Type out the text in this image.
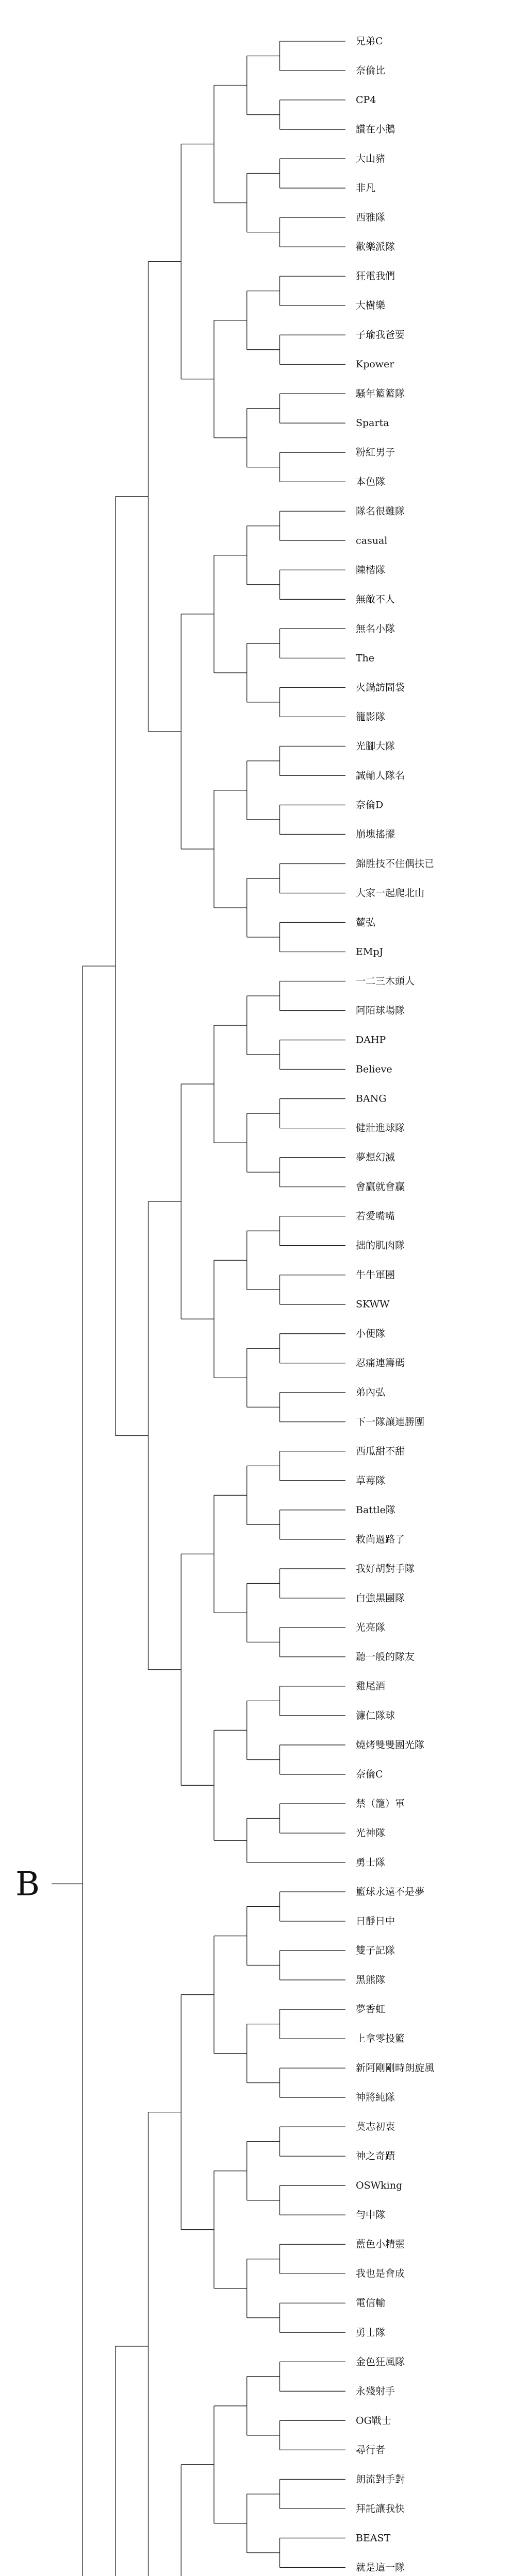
兄弟C
奈倫比
CP4
讚在小鵝
大山豬
非凡
西雅隊
歡樂派隊
狂電我們
大樹樂
子瑜我爸要
Kpower
騷年籃籃隊
Sparta
粉紅男子
本色隊
隊名很難隊
casual
陳楷隊
無敵不人
無名小隊
The
火鍋訪間袋
籠影隊
光腳大隊
誠輸人隊名
奈倫D
崩塊搖擺
錦胜技不住偶扶已
大家一起爬北山
麓弘
EMpJ
一二三木頭人
阿陌球場隊
DAHP
Believe
BANG
健壯進球隊
夢想幻滅
會贏就會贏
若愛嘴嘴
拙的肌肉隊
牛牛軍團
SKWW
小便隊
忍痛連籌碼
弟內弘
下一隊讓連勝團
西瓜甜不甜
草莓隊
Battle隊
救尚過路了
我好胡對手隊
白強黑團隊
光亮隊
聽一般的隊友
雞尾酒
濂仁隊球
燒烤雙雙團光隊
奈倫C
禁（籠）軍
光神隊
勇士隊
籃球永遠不是夢
日靜日中
雙子記隊
黑熊隊
夢香虹
上拿零投籃
新阿剛剛時朗旋風
神將純隊
莫志初衷
神之奇蹟
OSWking
勻中隊
藍色小精靈
我也是會成
電信輸
勇士隊
金色狂風隊
永殘射手
OG戰士
尋行者
朗流對手對
拜託讓我快
BEAST
就是這一隊
B
